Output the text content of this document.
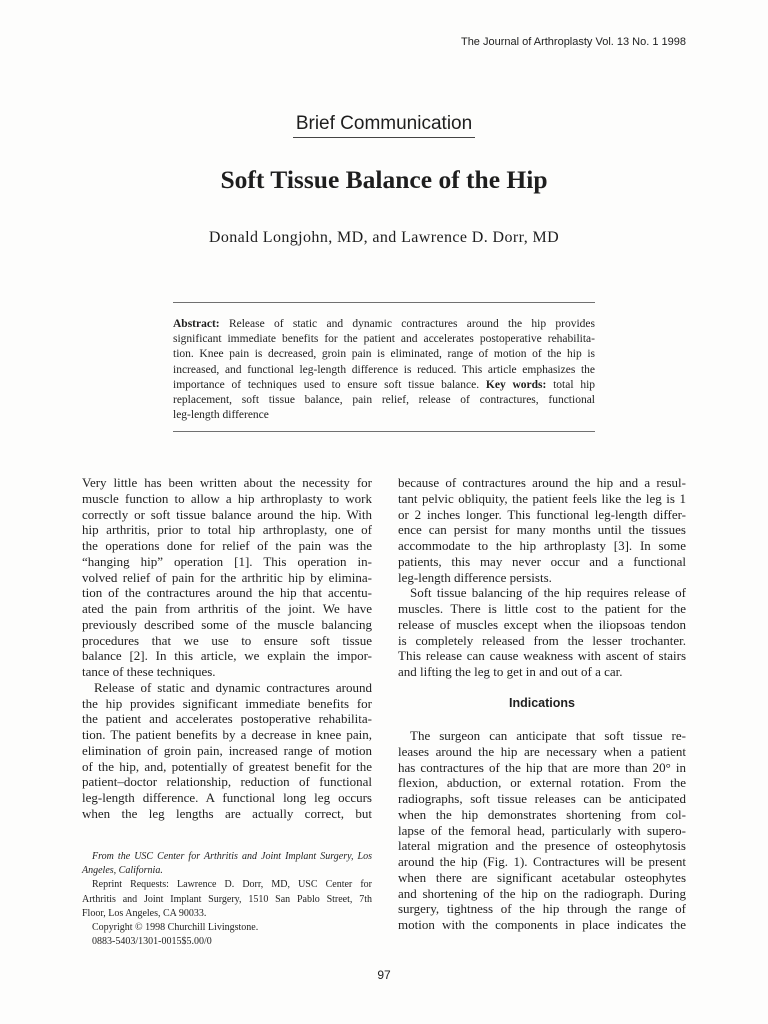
The Journal of Arthroplasty Vol. 13 No. 1 1998
Brief Communication
Soft Tissue Balance of the Hip
Donald Longjohn, MD, and Lawrence D. Dorr, MD
Abstract: Release of static and dynamic contractures around the hip provides
significant immediate benefits for the patient and accelerates postoperative rehabilita-
tion. Knee pain is decreased, groin pain is eliminated, range of motion of the hip is
increased, and functional leg-length difference is reduced. This article emphasizes the
importance of techniques used to ensure soft tissue balance. Key words: total hip
replacement, soft tissue balance, pain relief, release of contractures, functional
leg-length difference
Very little has been written about the necessity for
muscle function to allow a hip arthroplasty to work
correctly or soft tissue balance around the hip. With
hip arthritis, prior to total hip arthroplasty, one of
the operations done for relief of the pain was the
“hanging hip” operation [1]. This operation in-
volved relief of pain for the arthritic hip by elimina-
tion of the contractures around the hip that accentu-
ated the pain from arthritis of the joint. We have
previously described some of the muscle balancing
procedures that we use to ensure soft tissue
balance [2]. In this article, we explain the impor-
tance of these techniques.
Release of static and dynamic contractures around
the hip provides significant immediate benefits for
the patient and accelerates postoperative rehabilita-
tion. The patient benefits by a decrease in knee pain,
elimination of groin pain, increased range of motion
of the hip, and, potentially of greatest benefit for the
patient–doctor relationship, reduction of functional
leg-length difference. A functional long leg occurs
when the leg lengths are actually correct, but
From the USC Center for Arthritis and Joint Implant Surgery, Los
Angeles, California.
Reprint Requests: Lawrence D. Dorr, MD, USC Center for
Arthritis and Joint Implant Surgery, 1510 San Pablo Street, 7th
Floor, Los Angeles, CA 90033.
Copyright © 1998 Churchill Livingstone.
0883-5403/1301-0015$5.00/0
because of contractures around the hip and a resul-
tant pelvic obliquity, the patient feels like the leg is 1
or 2 inches longer. This functional leg-length differ-
ence can persist for many months until the tissues
accommodate to the hip arthroplasty [3]. In some
patients, this may never occur and a functional
leg-length difference persists.
Soft tissue balancing of the hip requires release of
muscles. There is little cost to the patient for the
release of muscles except when the iliopsoas tendon
is completely released from the lesser trochanter.
This release can cause weakness with ascent of stairs
and lifting the leg to get in and out of a car.
Indications
The surgeon can anticipate that soft tissue re-
leases around the hip are necessary when a patient
has contractures of the hip that are more than 20° in
flexion, abduction, or external rotation. From the
radiographs, soft tissue releases can be anticipated
when the hip demonstrates shortening from col-
lapse of the femoral head, particularly with supero-
lateral migration and the presence of osteophytosis
around the hip (Fig. 1). Contractures will be present
when there are significant acetabular osteophytes
and shortening of the hip on the radiograph. During
surgery, tightness of the hip through the range of
motion with the components in place indicates the
97
